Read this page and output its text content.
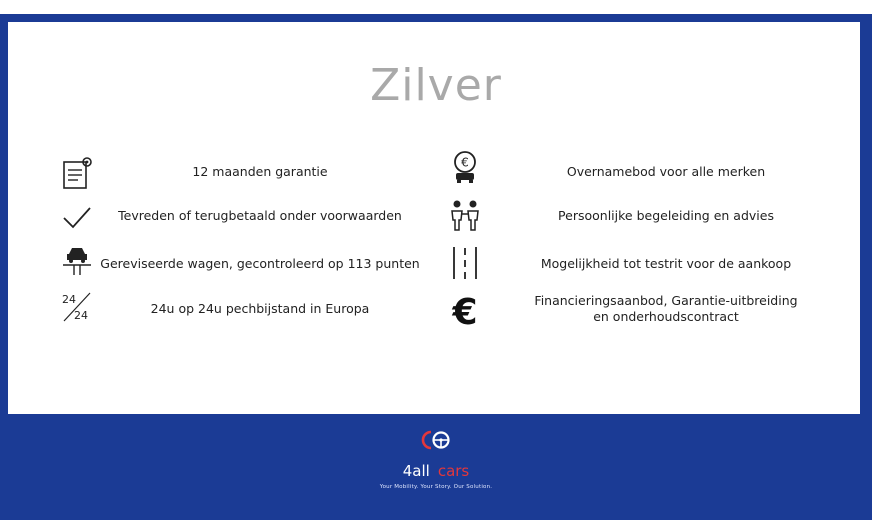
Zilver
12 maanden garantie
Tevreden of terugbetaald onder voorwaarden
Gereviseerde wagen, gecontroleerd op 113 punten
24
24	24u op 24u pechbijstand in Europa
€
Overnamebod voor alle merken
Persoonlijke begeleiding en advies
Mogelijkheid tot testrit voor de aankoop
€	Financieringsaanbod, Garantie-uitbreiding
en onderhoudscontract
4all cars
Your Mobility. Your Story. Our Solution.
